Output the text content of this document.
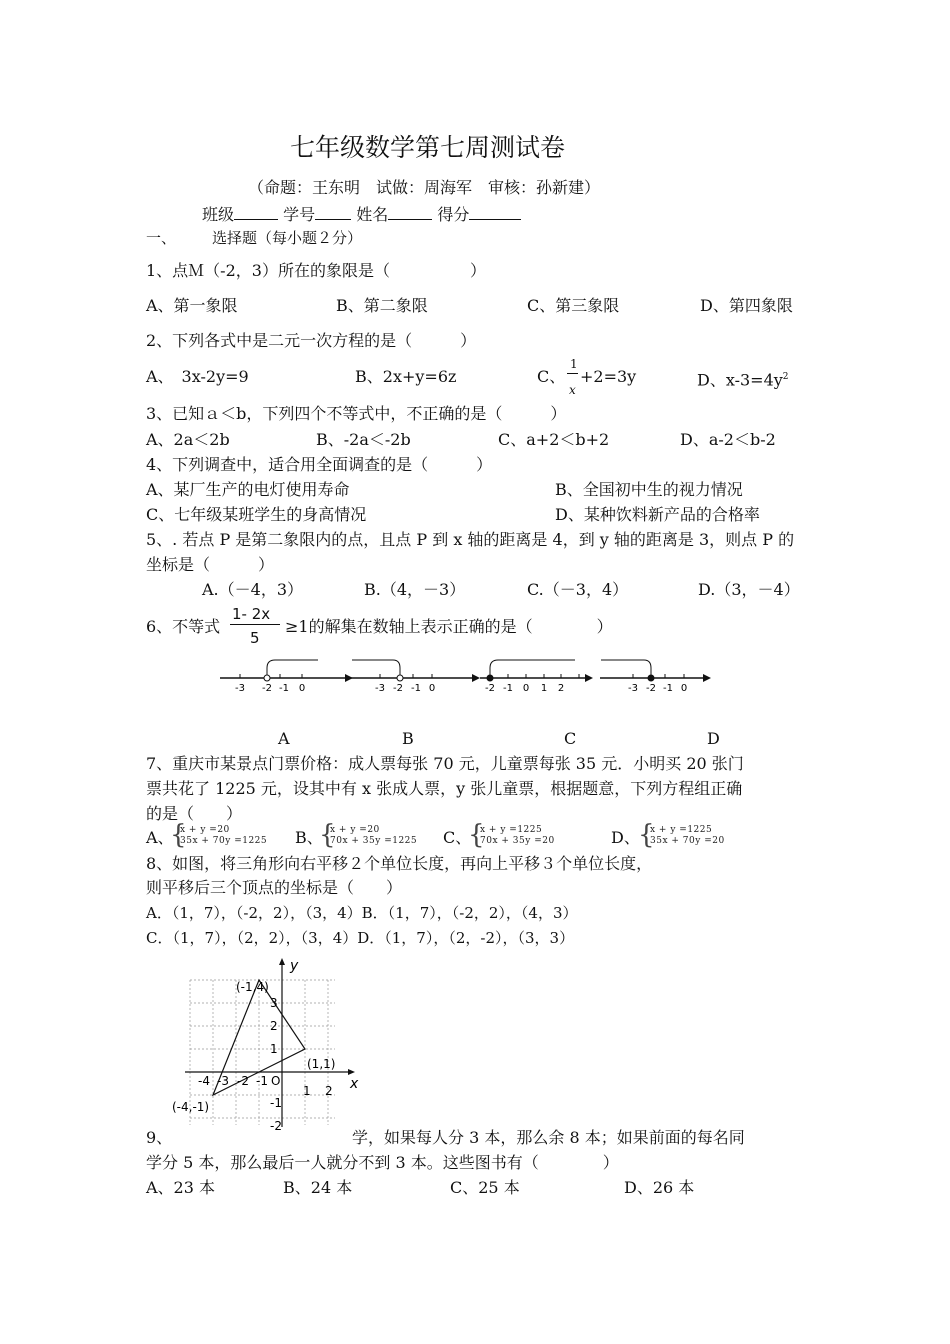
七年级数学第七周测试卷
（命题：王东明　试做：周海军　审核：孙新建）
班级	学号	姓名	得分
一、 选择题（每小题２分）
1、点Ｍ（-2，3）所在的象限是（　　　　　）
A、第一象限	B、第二象限	C、第三象限	D、第四象限
2、下列各式中是二元一次方程的是（　　　）
A、　3x-2y=9	B、2x+y=6z	C、
1
x
+2=3y	D、$x-3=4y^2$
3、已知ａ＜b，下列四个不等式中，不正确的是（　　　）
A、2a＜2b	B、-2a＜-2b	C、a+2＜b+2	D、a-2＜b-2
4、下列调查中，适合用全面调查的是（　　　）
A、某厂生产的电灯使用寿命	B、全国初中生的视力情况
C、七年级某班学生的身高情况	D、某种饮料新产品的合格率
5、. 若点 P 是第二象限内的点，且点 P 到 x 轴的距离是 4，到 y 轴的距离是 3，则点 P 的
坐标是（　　　）
A.（－4，3）	B.（4，－3）	C.（－3，4）	D.（3，－4）
6、不等式
1- 2x
5
≥1的解集在数轴上表示正确的是（　　　　）
-3 -2 -1 0	-3 -2 -1 0	-2 -1 0 1 2	-3 -2 -1 0
A	B	C	D
7、重庆市某景点门票价格：成人票每张 70 元，儿童票每张 35 元．小明买 20 张门
票共花了 1225 元，设其中有 x 张成人票，y 张儿童票，根据题意，下列方程组正确
的是（　　）
A、
{
x + y =20
35x + 70y =1225 B、
{
x + y =20
70x + 35y =1225 C、
{
x + y =1225
70x + 35y =20	D、
{
x + y =1225
35x + 70y =20
8、如图，将三角形向右平移２个单位长度，再向上平移３个单位长度，
则平移后三个顶点的坐标是（　　）
A．（1，7），（-2，2），（3，4）B．（1，7），（-2，2），（4，3）
C．（1，7），（2，2），（3，4）D．（1，7），（2，-2），（3，3）
y
x
(-1,4)
(1,1)
(-4,-1)
-4 -3 -2 -1 O
1 2
3
2
1
-1
-2
9、	学，如果每人分 3 本，那么余 8 本；如果前面的每名同
学分 5 本，那么最后一人就分不到 3 本。这些图书有（　　　　）
A、23 本	B、24 本	C、25 本	D、26 本
